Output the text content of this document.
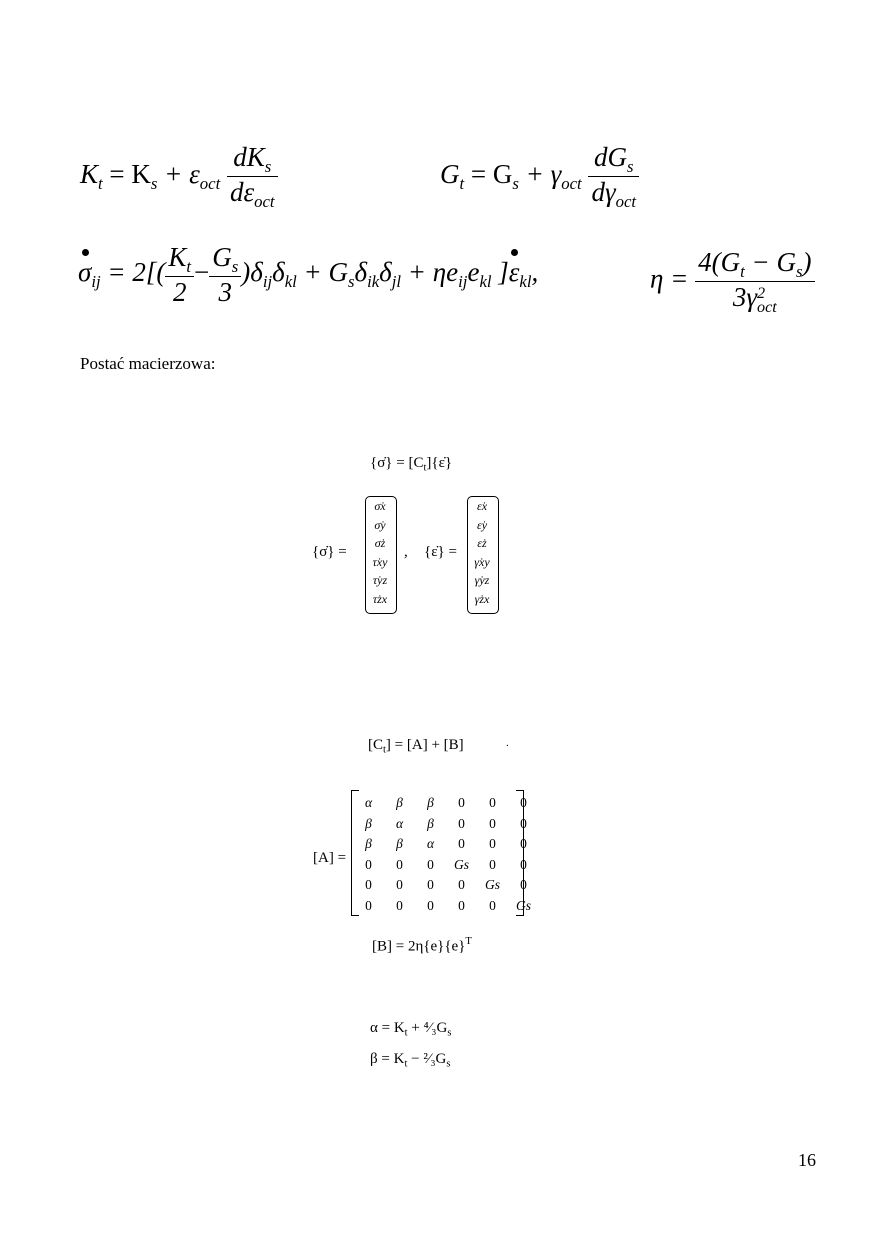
$K_t = K_s + \varepsilon_{oct} \frac{dK_s}{d\varepsilon_{oct}}$	$G_t = G_s + \gamma_{oct} \frac{dG_s}{d\gamma_{oct}}$
$\sigma_{ij} = 2[( \frac{K_t}{2} - \frac{G_s}{3} )\delta_{ij}\delta_{kl} + G_s\delta_{ik}\delta_{jl} + \eta e_{ij}e_{kl}$ ]$\varepsilon_{kl}$,	$\eta = 4(G_t - G_s)$
3γ 2
oct
Postać macierzowa:
{σ̇} = $[C_t]\{\varepsiloṅ\}$
{σ̇} =
σ̇x
σ̇y
σ̇z
τ̇xy
τ̇yz
τ̇zx
, {ε̇} =
ε̇x
ε̇y
ε̇z
γ̇xy
γ̇yz
γ̇zx
$[C_t] = [A] + [B]$	.
[A] =
α	β	β	0	0	0
β	α	β	0	0	0
β	β	α	0	0	0
0	0	0	Gs	0	0
0	0	0	0	Gs	0
0	0	0	0	0	Gs
$[B] = 2\eta\{e\}\{e\}^T$
$\alpha = K_t$ + $^4⁄_3G_s$
$\beta = K_t$ − $^2⁄_3G_s$
16
